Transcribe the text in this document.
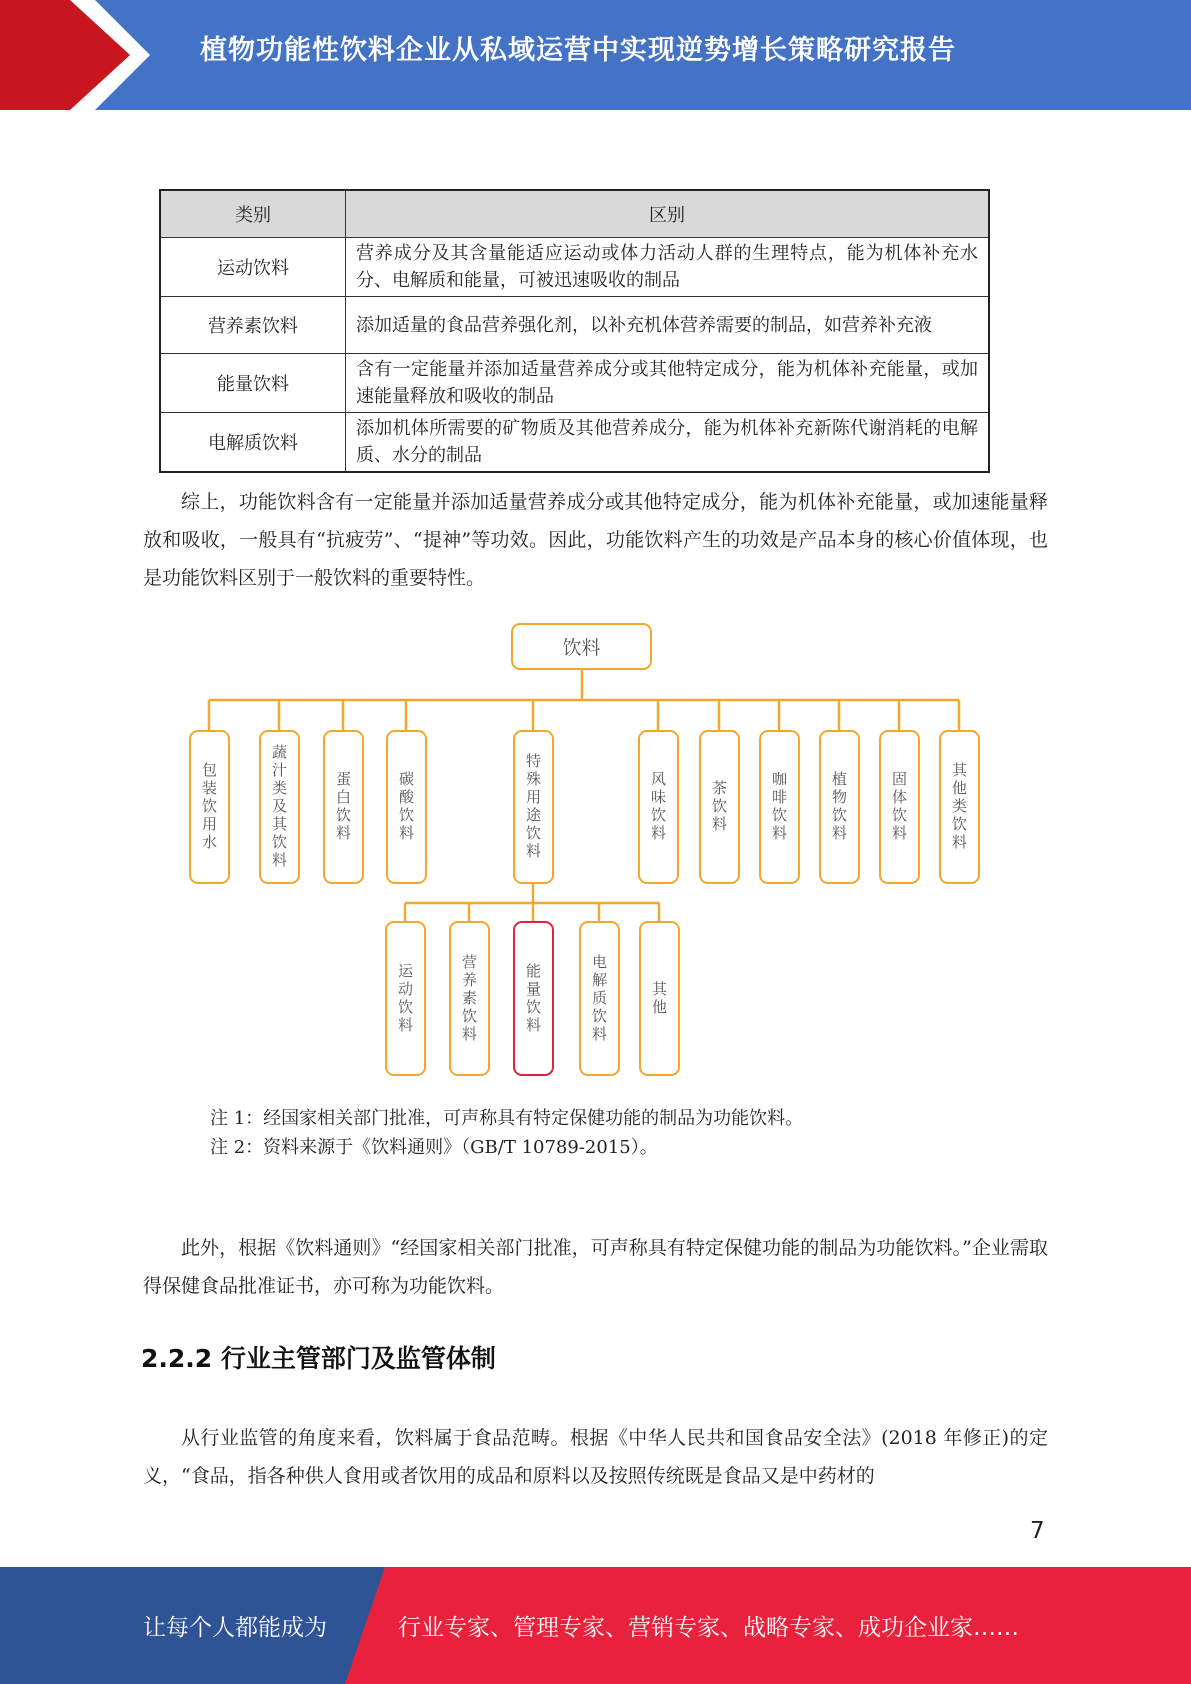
植物功能性饮料企业从私域运营中实现逆势增长策略研究报告
类别	区别
运动饮料	营养成分及其含量能适应运动或体力活动人群的生理特点，能为机体补充水分、电解质和能量，可被迅速吸收的制品
营养素饮料	添加适量的食品营养强化剂，以补充机体营养需要的制品，如营养补充液
能量饮料	含有一定能量并添加适量营养成分或其他特定成分，能为机体补充能量，或加速能量释放和吸收的制品
电解质饮料	添加机体所需要的矿物质及其他营养成分，能为机体补充新陈代谢消耗的电解质、水分的制品
综上，功能饮料含有一定能量并添加适量营养成分或其他特定成分，能为机体补充能量，或加速能量释放和吸收，一般具有“抗疲劳”、“提神”等功效。因此，功能饮料产生的功效是产品本身的核心价值体现，也是功能饮料区别于一般饮料的重要特性。
饮料
包装饮用水	蔬汁类及其饮料	蛋白饮料	碳酸饮料	特殊用途饮料	风味饮料	茶饮料	咖啡饮料	植物饮料	固体饮料	其他类饮料
运动饮料	营养素饮料	能量饮料	电解质饮料	其他
注 1：经国家相关部门批准，可声称具有特定保健功能的制品为功能饮料。
注 2：资料来源于《饮料通则》（GB/T 10789-2015）。
此外，根据《饮料通则》“经国家相关部门批准，可声称具有特定保健功能的制品为功能饮料。”企业需取得保健食品批准证书，亦可称为功能饮料。
2.2.2 行业主管部门及监管体制
从行业监管的角度来看，饮料属于食品范畴。根据《中华人民共和国食品安全法》(2018 年修正)的定义，“食品，指各种供人食用或者饮用的成品和原料以及按照传统既是食品又是中药材的
7
让每个人都能成为	行业专家、管理专家、营销专家、战略专家、成功企业家……
